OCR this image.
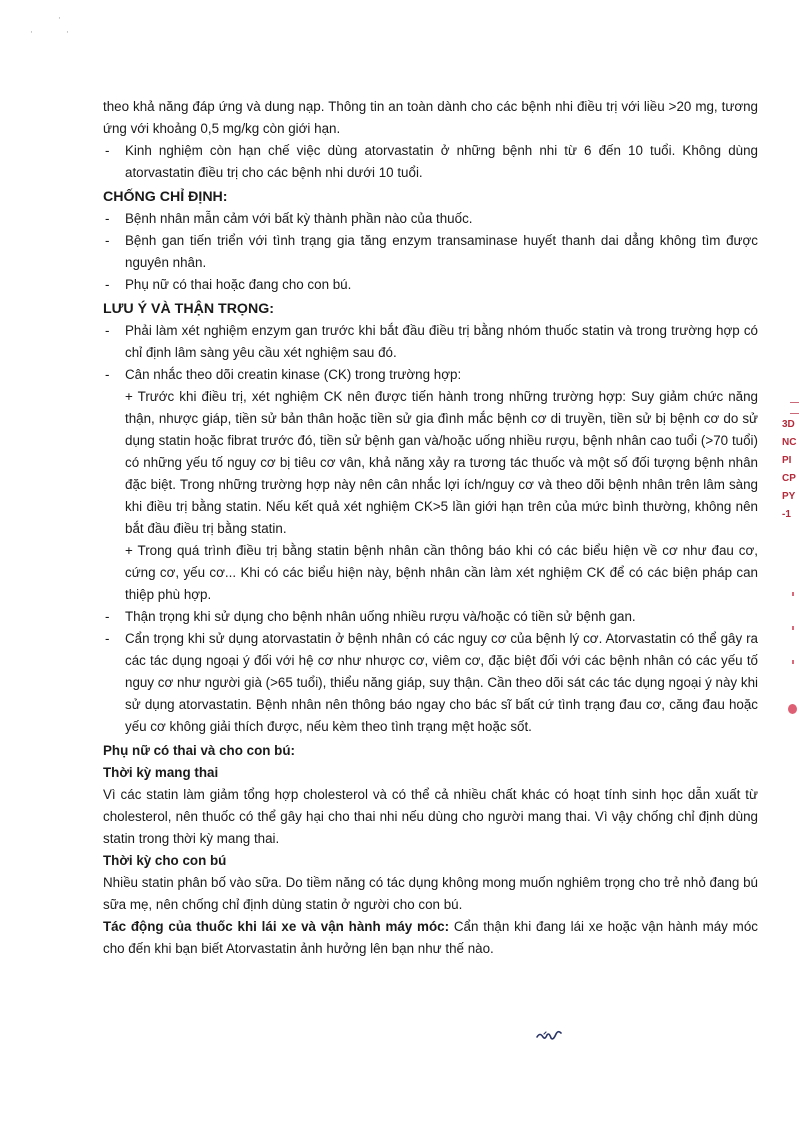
·
·
·

theo khả năng đáp ứng và dung nạp. Thông tin an toàn dành cho các bệnh nhi điều trị với liều >20 mg, tương ứng với khoảng 0,5 mg/kg còn giới hạn.

- Kinh nghiệm còn hạn chế việc dùng atorvastatin ở những bệnh nhi từ 6 đến 10 tuổi. Không dùng atorvastatin điều trị cho các bệnh nhi dưới 10 tuổi.

CHỐNG CHỈ ĐỊNH:

- Bệnh nhân mẫn cảm với bất kỳ thành phần nào của thuốc.

- Bệnh gan tiến triển với tình trạng gia tăng enzym transaminase huyết thanh dai dẳng không tìm được nguyên nhân.

- Phụ nữ có thai hoặc đang cho con bú.

LƯU Ý VÀ THẬN TRỌNG:

- Phải làm xét nghiệm enzym gan trước khi bắt đầu điều trị bằng nhóm thuốc statin và trong trường hợp có chỉ định lâm sàng yêu cầu xét nghiệm sau đó.

- Cân nhắc theo dõi creatin kinase (CK) trong trường hợp:

+ Trước khi điều trị, xét nghiệm CK nên được tiến hành trong những trường hợp: Suy giảm chức năng thận, nhược giáp, tiền sử bản thân hoặc tiền sử gia đình mắc bệnh cơ di truyền, tiền sử bị bệnh cơ do sử dụng statin hoặc fibrat trước đó, tiền sử bệnh gan và/hoặc uống nhiều rượu, bệnh nhân cao tuổi (>70 tuổi) có những yếu tố nguy cơ bị tiêu cơ vân, khả năng xảy ra tương tác thuốc và một số đối tượng bệnh nhân đặc biệt. Trong những trường hợp này nên cân nhắc lợi ích/nguy cơ và theo dõi bệnh nhân trên lâm sàng khi điều trị bằng statin. Nếu kết quả xét nghiệm CK>5 lần giới hạn trên của mức bình thường, không nên bắt đầu điều trị bằng statin.

+ Trong quá trình điều trị bằng statin bệnh nhân cần thông báo khi có các biểu hiện về cơ như đau cơ, cứng cơ, yếu cơ... Khi có các biểu hiện này, bệnh nhân cần làm xét nghiệm CK để có các biện pháp can thiệp phù hợp.

- Thận trọng khi sử dụng cho bệnh nhân uống nhiều rượu và/hoặc có tiền sử bệnh gan.

- Cẩn trọng khi sử dụng atorvastatin ở bệnh nhân có các nguy cơ của bệnh lý cơ. Atorvastatin có thể gây ra các tác dụng ngoại ý đối với hệ cơ như nhược cơ, viêm cơ, đặc biệt đối với các bệnh nhân có các yếu tố nguy cơ như người già (>65 tuổi), thiểu năng giáp, suy thận. Cần theo dõi sát các tác dụng ngoại ý này khi sử dụng atorvastatin. Bệnh nhân nên thông báo ngay cho bác sĩ bất cứ tình trạng đau cơ, căng đau hoặc yếu cơ không giải thích được, nếu kèm theo tình trạng mệt hoặc sốt.

Phụ nữ có thai và cho con bú:

Thời kỳ mang thai

Vì các statin làm giảm tổng hợp cholesterol và có thể cả nhiều chất khác có hoạt tính sinh học dẫn xuất từ cholesterol, nên thuốc có thể gây hại cho thai nhi nếu dùng cho người mang thai. Vì vậy chống chỉ định dùng statin trong thời kỳ mang thai.

Thời kỳ cho con bú

Nhiều statin phân bố vào sữa. Do tiềm năng có tác dụng không mong muốn nghiêm trọng cho trẻ nhỏ đang bú sữa mẹ, nên chống chỉ định dùng statin ở người cho con bú.

Tác động của thuốc khi lái xe và vận hành máy móc: Cẩn thận khi đang lái xe hoặc vận hành máy móc cho đến khi bạn biết Atorvastatin ảnh hưởng lên bạn như thế nào.

3D
NC
PI
CP
PY
-1
